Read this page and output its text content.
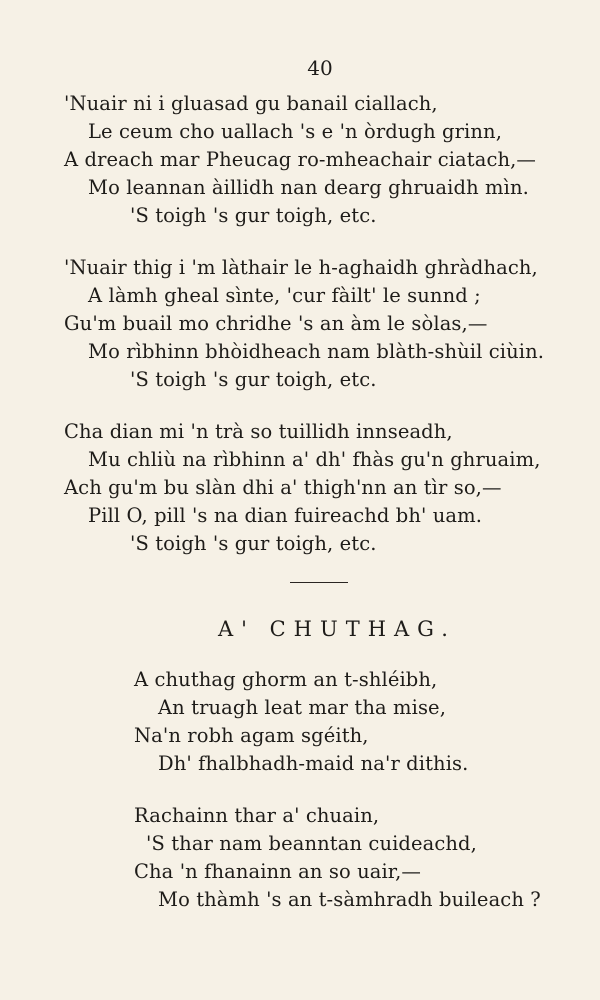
40
'Nuair ni i gluasad gu banail ciallach,
Le ceum cho uallach 's e 'n òrdugh grinn,
A dreach mar Pheucag ro-mheachair ciatach,—
Mo leannan àillidh nan dearg ghruaidh mìn.
'S toigh 's gur toigh, etc.
'Nuair thig i 'm làthair le h-aghaidh ghràdhach,
A làmh gheal sìnte, 'cur fàilt' le sunnd ;
Gu'm buail mo chridhe 's an àm le sòlas,—
Mo rìbhinn bhòidheach nam blàth-shùil ciùin.
'S toigh 's gur toigh, etc.
Cha dian mi 'n trà so tuillidh innseadh,
Mu chliù na rìbhinn a' dh' fhàs gu'n ghruaim,
Ach gu'm bu slàn dhi a' thigh'nn an tìr so,—
Pill O, pill 's na dian fuireachd bh' uam.
'S toigh 's gur toigh, etc.
A' CHUTHAG.
A chuthag ghorm an t-shléibh,
An truagh leat mar tha mise,
Na'n robh agam sgéith,
Dh' fhalbhadh-maid na'r dithis.
Rachainn thar a' chuain,
'S thar nam beanntan cuideachd,
Cha 'n fhanainn an so uair,—
Mo thàmh 's an t-sàmhradh buileach ?
